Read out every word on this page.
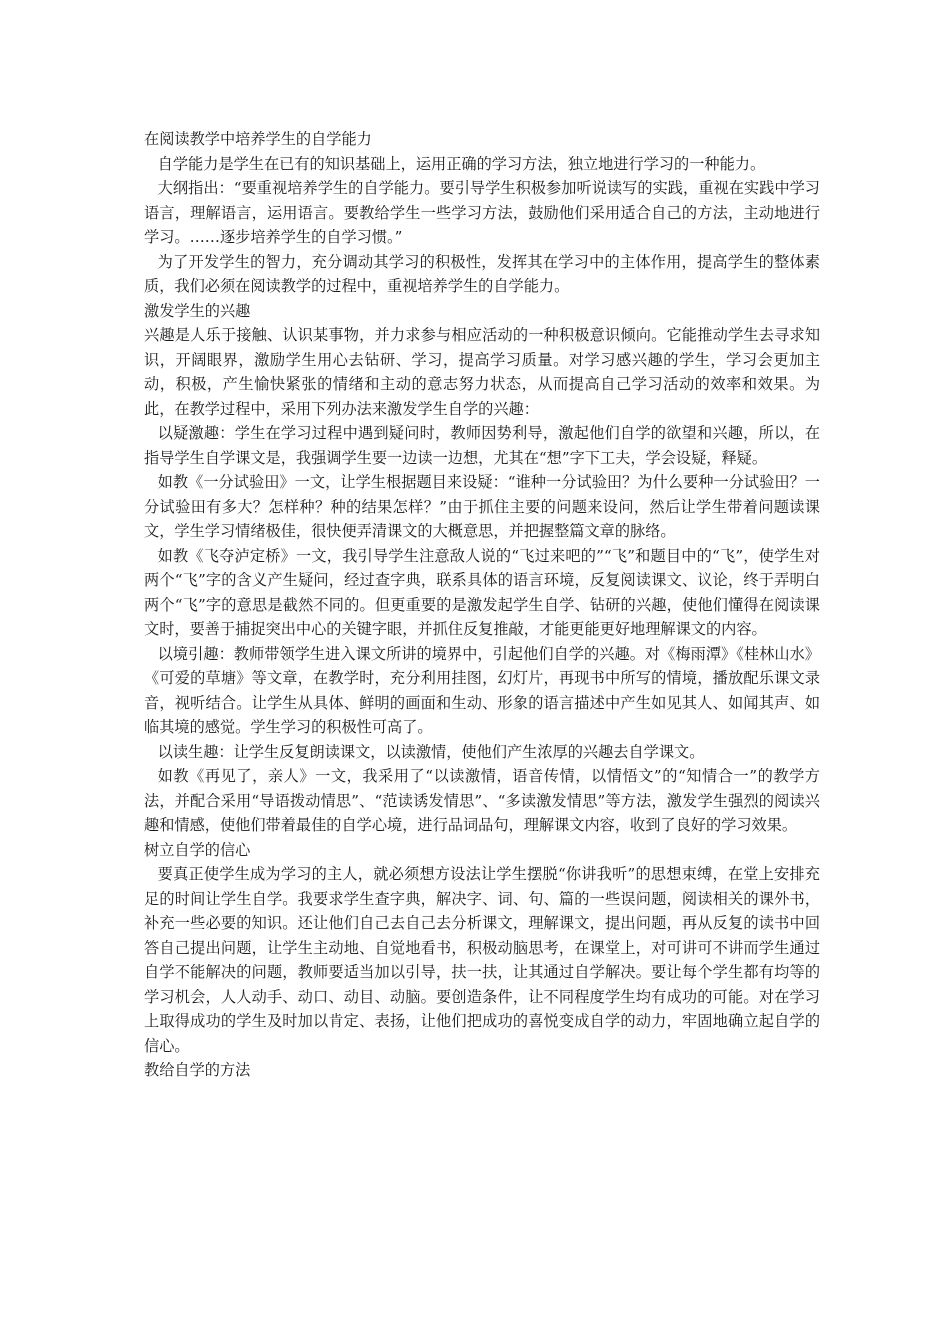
在阅读教学中培养学生的自学能力

自学能力是学生在已有的知识基础上，运用正确的学习方法，独立地进行学习的一种能力。

大纲指出：“要重视培养学生的自学能力。要引导学生积极参加听说读写的实践，重视在实践中学习语言，理解语言，运用语言。要教给学生一些学习方法，鼓励他们采用适合自己的方法，主动地进行学习。……逐步培养学生的自学习惯。”

为了开发学生的智力，充分调动其学习的积极性，发挥其在学习中的主体作用，提高学生的整体素质，我们必须在阅读教学的过程中，重视培养学生的自学能力。

激发学生的兴趣

兴趣是人乐于接触、认识某事物，并力求参与相应活动的一种积极意识倾向。它能推动学生去寻求知识，开阔眼界，激励学生用心去钻研、学习，提高学习质量。对学习感兴趣的学生，学习会更加主动，积极，产生愉快紧张的情绪和主动的意志努力状态，从而提高自己学习活动的效率和效果。为此，在教学过程中，采用下列办法来激发学生自学的兴趣：

以疑激趣：学生在学习过程中遇到疑问时，教师因势利导，激起他们自学的欲望和兴趣，所以，在指导学生自学课文是，我强调学生要一边读一边想，尤其在“想”字下工夫，学会设疑，释疑。

如教《一分试验田》一文，让学生根据题目来设疑：“谁种一分试验田？为什么要种一分试验田？一分试验田有多大？怎样种？种的结果怎样？”由于抓住主要的问题来设问，然后让学生带着问题读课文，学生学习情绪极佳，很快便弄清课文的大概意思，并把握整篇文章的脉络。

如教《飞夺泸定桥》一文，我引导学生注意敌人说的“飞过来吧的”“飞”和题目中的“飞”，使学生对两个“飞”字的含义产生疑问，经过查字典，联系具体的语言环境，反复阅读课文、议论，终于弄明白两个“飞”字的意思是截然不同的。但更重要的是激发起学生自学、钻研的兴趣，使他们懂得在阅读课文时，要善于捕捉突出中心的关键字眼，并抓住反复推敲，才能更能更好地理解课文的内容。

以境引趣：教师带领学生进入课文所讲的境界中，引起他们自学的兴趣。对《梅雨潭》《桂林山水》《可爱的草塘》等文章，在教学时，充分利用挂图，幻灯片，再现书中所写的情境，播放配乐课文录音，视听结合。让学生从具体、鲜明的画面和生动、形象的语言描述中产生如见其人、如闻其声、如临其境的感觉。学生学习的积极性可高了。

以读生趣：让学生反复朗读课文，以读激情，使他们产生浓厚的兴趣去自学课文。

如教《再见了，亲人》一文，我采用了“以读激情，语音传情，以情悟文”的“知情合一”的教学方法，并配合采用“导语拨动情思”、“范读诱发情思”、“多读激发情思”等方法，激发学生强烈的阅读兴趣和情感，使他们带着最佳的自学心境，进行品词品句，理解课文内容，收到了良好的学习效果。

树立自学的信心

要真正使学生成为学习的主人，就必须想方设法让学生摆脱“你讲我听”的思想束缚，在堂上安排充足的时间让学生自学。我要求学生查字典，解决字、词、句、篇的一些误问题，阅读相关的课外书，补充一些必要的知识。还让他们自己去自己去分析课文，理解课文，提出问题，再从反复的读书中回答自己提出问题，让学生主动地、自觉地看书，积极动脑思考，在课堂上，对可讲可不讲而学生通过自学不能解决的问题，教师要适当加以引导，扶一扶，让其通过自学解决。要让每个学生都有均等的学习机会，人人动手、动口、动目、动脑。要创造条件，让不同程度学生均有成功的可能。对在学习上取得成功的学生及时加以肯定、表扬，让他们把成功的喜悦变成自学的动力，牢固地确立起自学的信心。

教给自学的方法
